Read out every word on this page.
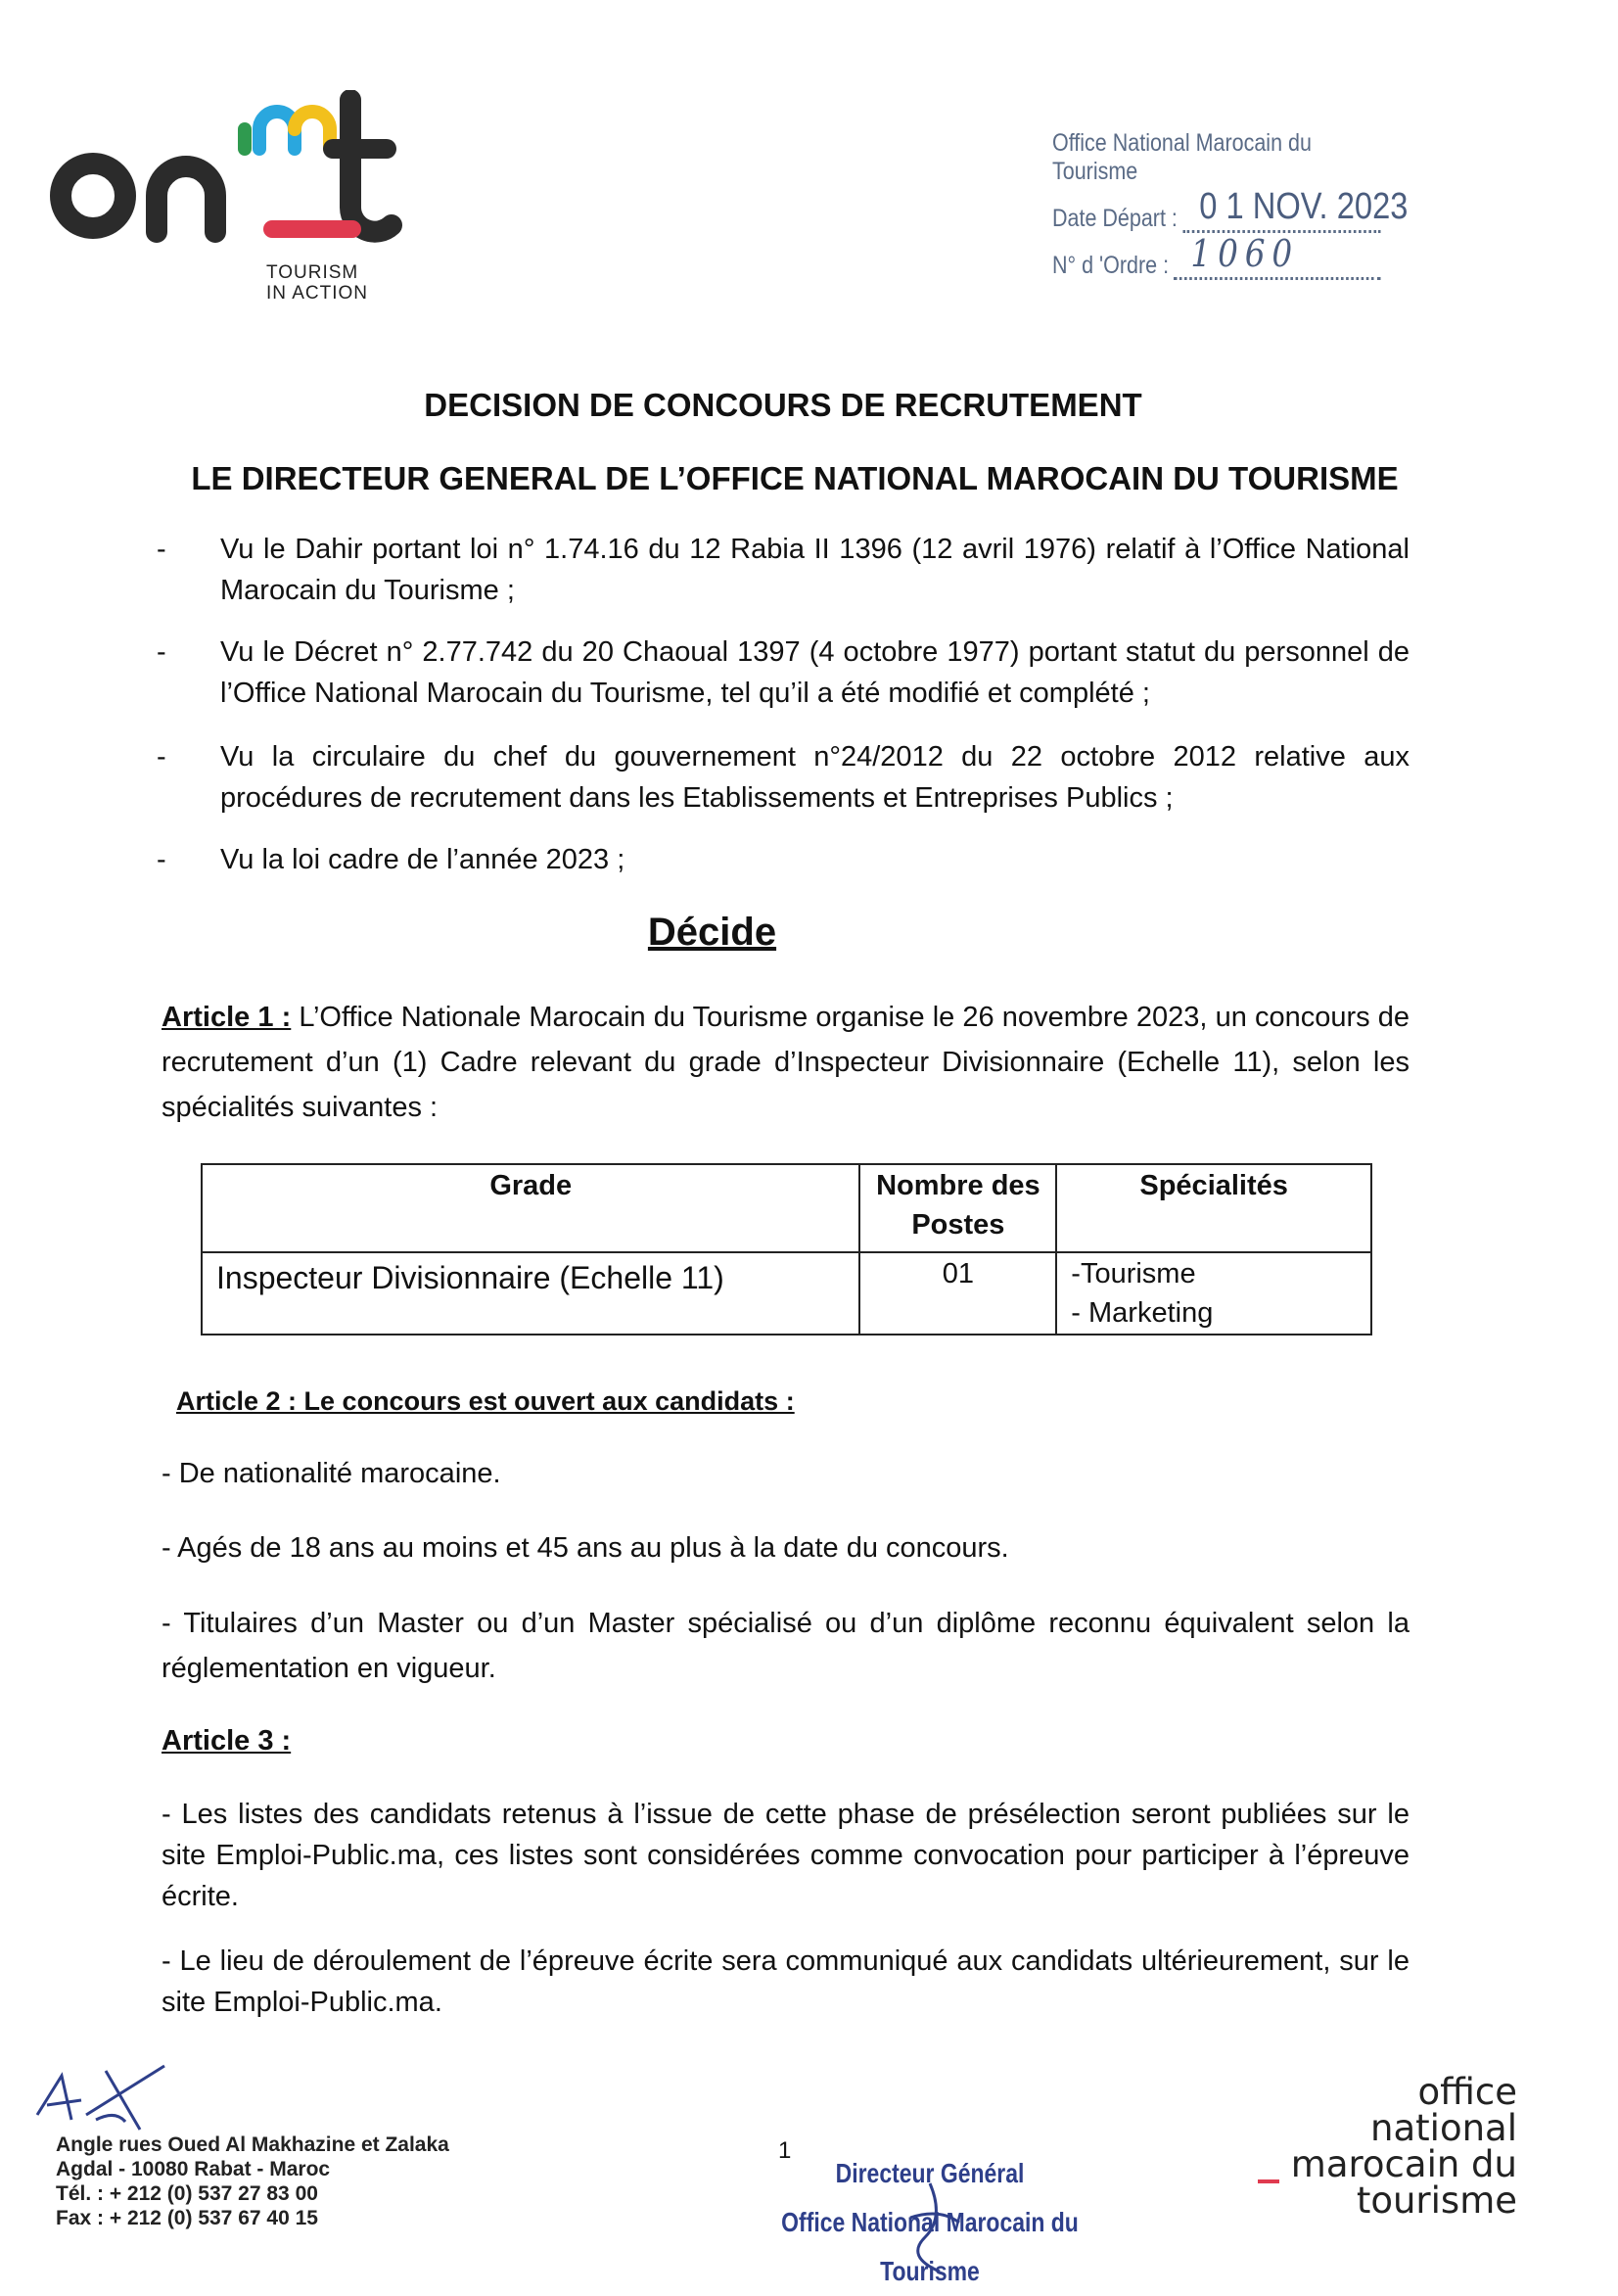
TOURISM
IN ACTION
Office National Marocain du Tourisme
Date Départ : 0 1 NOV. 2023
N° d 'Ordre : 1060
DECISION DE CONCOURS DE RECRUTEMENT
LE DIRECTEUR GENERAL DE L’OFFICE NATIONAL MAROCAIN DU TOURISME
- Vu le Dahir portant loi n° 1.74.16 du 12 Rabia II 1396 (12 avril 1976) relatif à l’Office National Marocain du Tourisme ;
- Vu le Décret n° 2.77.742 du 20 Chaoual 1397 (4 octobre 1977) portant statut du personnel de l’Office National Marocain du Tourisme, tel qu’il a été modifié et complété ;
- Vu la circulaire du chef du gouvernement n°24/2012 du 22 octobre 2012 relative aux procédures de recrutement dans les Etablissements et Entreprises Publics ;
- Vu la loi cadre de l’année 2023 ;
Décide
Article 1 : L’Office Nationale Marocain du Tourisme organise le 26 novembre 2023, un concours de recrutement d’un (1) Cadre relevant du grade d’Inspecteur Divisionnaire (Echelle 11), selon les spécialités suivantes :
Grade	Nombre des Postes	Spécialités
Inspecteur Divisionnaire (Echelle 11)	01	-Tourisme
- Marketing
Article 2 : Le concours est ouvert aux candidats :
- De nationalité marocaine.
- Agés de 18 ans au moins et 45 ans au plus à la date du concours.
- Titulaires d’un Master ou d’un Master spécialisé ou d’un diplôme reconnu équivalent selon la réglementation en vigueur.
Article 3 :
- Les listes des candidats retenus à l’issue de cette phase de présélection seront publiées sur le site Emploi-Public.ma, ces listes sont considérées comme convocation pour participer à l’épreuve écrite.
- Le lieu de déroulement de l’épreuve écrite sera communiqué aux candidats ultérieurement, sur le site Emploi-Public.ma.
Angle rues Oued Al Makhazine et Zalaka
Agdal - 10080 Rabat - Maroc
Tél. : + 212 (0) 537 27 83 00
Fax : + 212 (0) 537 67 40 15
1
Directeur Général
Office National Marocain du Tourisme
office
national
marocain du
tourisme
